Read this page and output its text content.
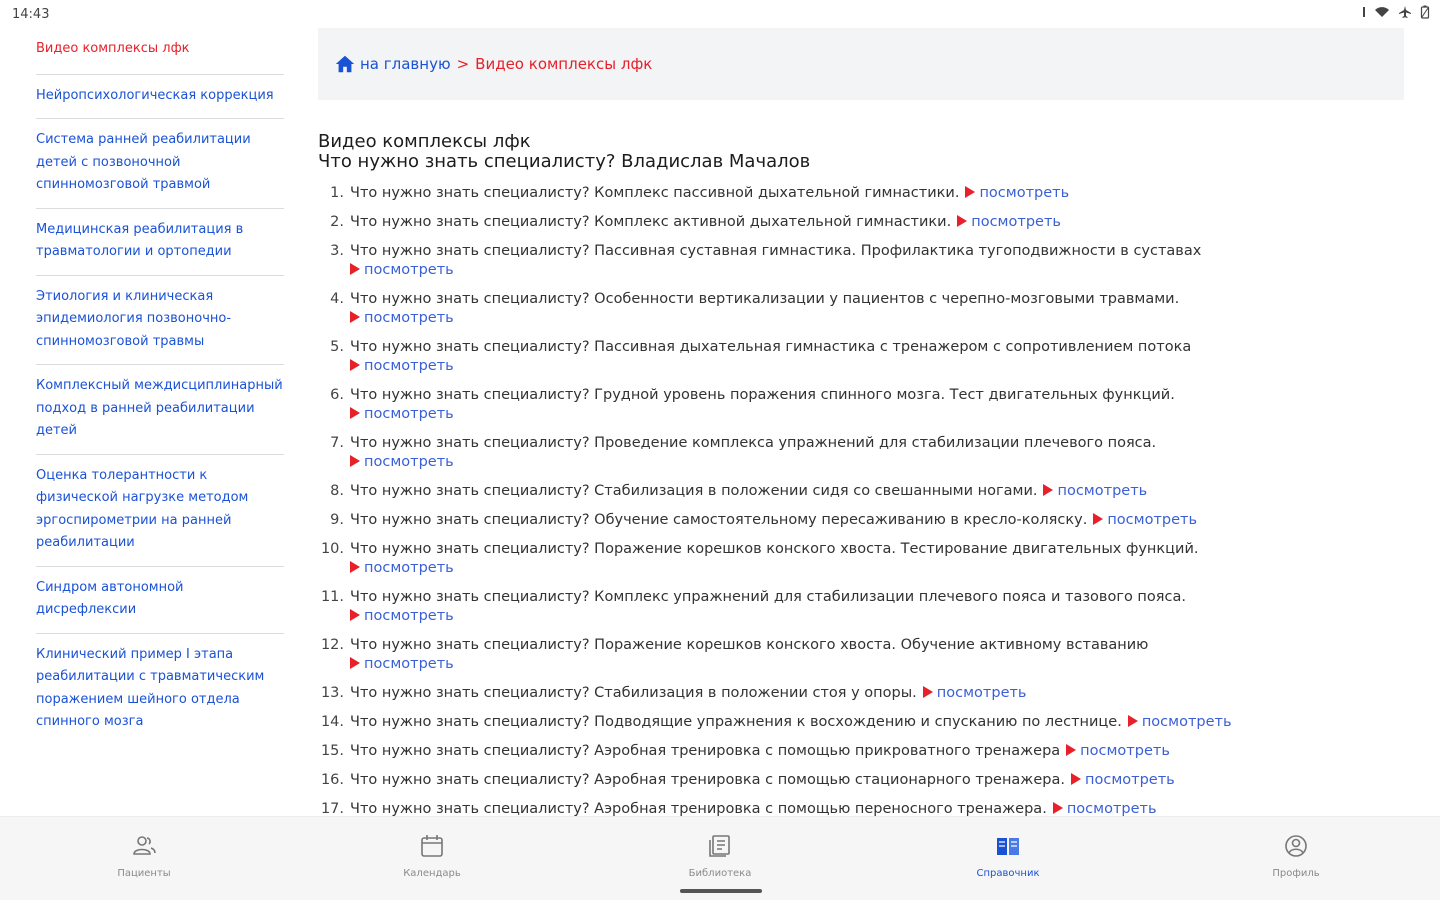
14:43
Видео комплексы лфк
Нейропсихологическая коррекция
Система ранней реабилитации детей с позвоночной спинномозговой травмой
Медицинская реабилитация в травматологии и ортопедии
Этиология и клиническая эпидемиология позвоночно-спинномозговой травмы
Комплексный междисциплинарный подход в ранней реабилитации детей
Оценка толерантности к физической нагрузке методом эргоспирометрии на ранней реабилитации
Синдром автономной дисрефлексии
Клинический пример I этапа реабилитации с травматическим поражением шейного отдела спинного мозга
на главную > Видео комплексы лфк
Видео комплексы лфк
Что нужно знать специалисту? Владислав Мачалов
1. Что нужно знать специалисту? Комплекс пассивной дыхательной гимнастики. посмотреть
2. Что нужно знать специалисту? Комплекс активной дыхательной гимнастики. посмотреть
3. Что нужно знать специалисту? Пассивная суставная гимнастика. Профилактика тугоподвижности в суставах
посмотреть
4. Что нужно знать специалисту? Особенности вертикализации у пациентов с черепно-мозговыми травмами.
посмотреть
5. Что нужно знать специалисту? Пассивная дыхательная гимнастика с тренажером с сопротивлением потока
посмотреть
6. Что нужно знать специалисту? Грудной уровень поражения спинного мозга. Тест двигательных функций.
посмотреть
7. Что нужно знать специалисту? Проведение комплекса упражнений для стабилизации плечевого пояса.
посмотреть
8. Что нужно знать специалисту? Стабилизация в положении сидя со свешанными ногами. посмотреть
9. Что нужно знать специалисту? Обучение самостоятельному пересаживанию в кресло-коляску. посмотреть
10. Что нужно знать специалисту? Поражение корешков конского хвоста. Тестирование двигательных функций.
посмотреть
11. Что нужно знать специалисту? Комплекс упражнений для стабилизации плечевого пояса и тазового пояса.
посмотреть
12. Что нужно знать специалисту? Поражение корешков конского хвоста. Обучение активному вставанию
посмотреть
13. Что нужно знать специалисту? Стабилизация в положении стоя у опоры. посмотреть
14. Что нужно знать специалисту? Подводящие упражнения к восхождению и спусканию по лестнице. посмотреть
15. Что нужно знать специалисту? Аэробная тренировка с помощью прикроватного тренажера посмотреть
16. Что нужно знать специалисту? Аэробная тренировка с помощью стационарного тренажера. посмотреть
17. Что нужно знать специалисту? Аэробная тренировка с помощью переносного тренажера. посмотреть
Пациенты	Календарь	Библиотека	Справочник	Профиль
